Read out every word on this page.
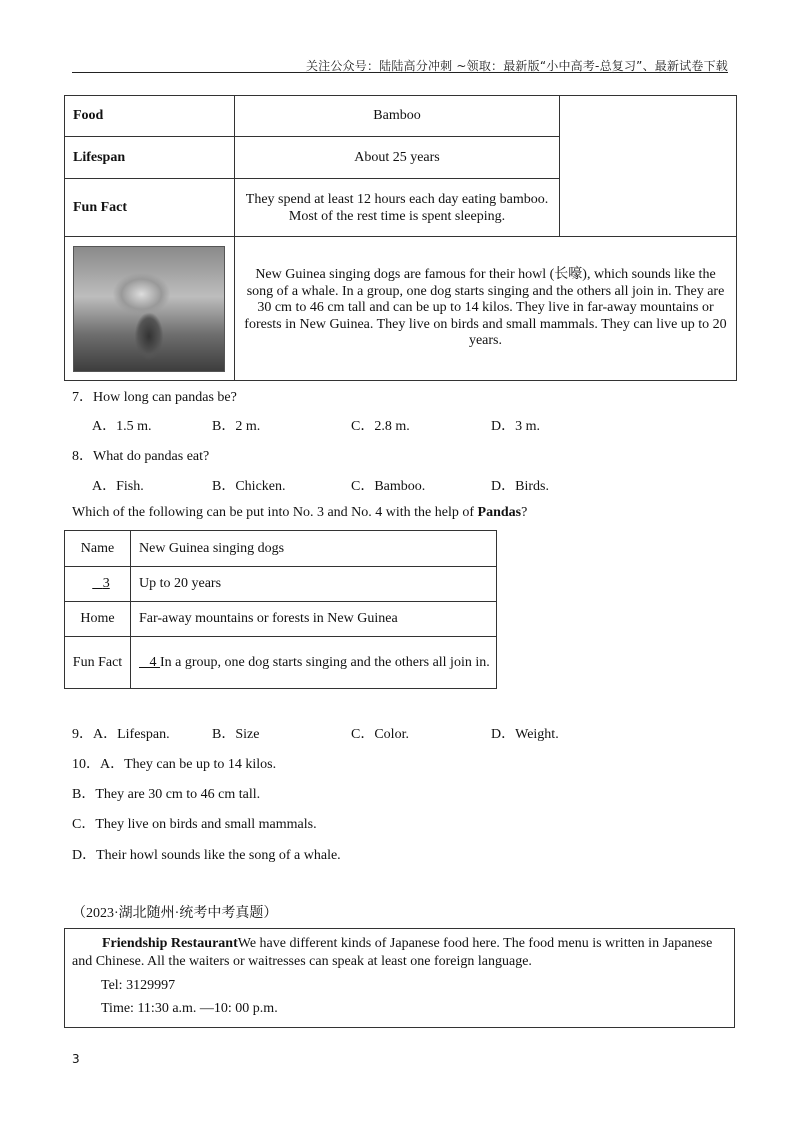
关注公众号：陆陆高分冲刺 ~领取：最新版“小中高考-总复习”、最新试卷下载
Food	Bamboo	
Lifespan	About 25 years	
Fun Fact	They spend at least 12 hours each day eating bamboo.
Most of the rest time is spent sleeping.	

	New Guinea singing dogs are famous for their howl (长嚎), which sounds like the song of a whale. In a group, one dog starts singing and the others all join in. They are 30 cm to 46 cm tall and can be up to 14 kilos. They live in far-away mountains or forests in New Guinea. They live on birds and small mammals. They can live up to 20 years.	
7．How long can pandas be?
A．1.5 m.	B．2 m.	C．2.8 m.	D．3 m.
8．What do pandas eat?
A．Fish.	B．Chicken.	C．Bamboo.	D．Birds.
Which of the following can be put into No. 3 and No. 4 with the help of Pandas?
Name	New Guinea singing dogs
3	Up to 20 years
Home	Far-away mountains or forests in New Guinea
Fun Fact	4 In a group, one dog starts singing and the others all join in.
9．A．Lifespan.	B．Size	C．Color.	D．Weight.
10．A．They can be up to 14 kilos.
B．They are 30 cm to 46 cm tall.
C．They live on birds and small mammals.
D．Their howl sounds like the song of a whale.
（2023·湖北随州·统考中考真题）
Friendship RestaurantWe have different kinds of Japanese food here. The food menu is written in Japanese and Chinese. All the waiters or waitresses can speak at least one foreign language.
Tel: 3129997
Time: 11:30 a.m. —10: 00 p.m.
3
